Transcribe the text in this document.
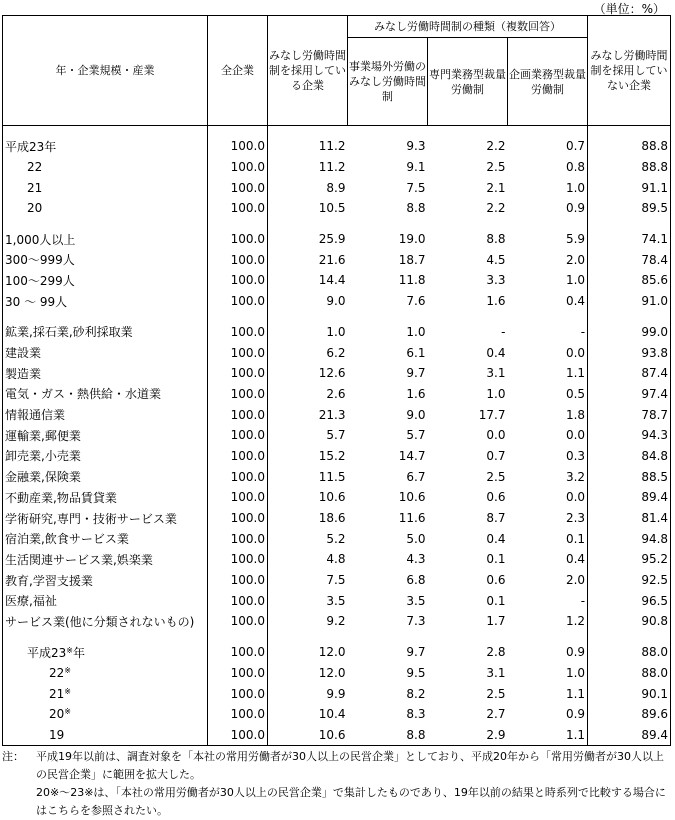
（単位：%）
年・企業規模・産業	全企業	みなし労働時間制を採用している企業	みなし労働時間制の種類（複数回答）			みなし労働時間制を採用していない企業
			事業場外労働のみなし労働時間制	専門業務型裁量労働制	企画業務型裁量労働制	

平成23年	100.0	11.2	9.3	2.2	0.7	88.8
22	100.0	11.2	9.1	2.5	0.8	88.8
21	100.0	8.9	7.5	2.1	1.0	91.1
20	100.0	10.5	8.8	2.2	0.9	89.5

1,000人以上	100.0	25.9	19.0	8.8	5.9	74.1
300～999人	100.0	21.6	18.7	4.5	2.0	78.4
100～299人	100.0	14.4	11.8	3.3	1.0	85.6
30 ～ 99人	100.0	9.0	7.6	1.6	0.4	91.0

鉱業,採石業,砂利採取業	100.0	1.0	1.0	-	-	99.0
建設業	100.0	6.2	6.1	0.4	0.0	93.8
製造業	100.0	12.6	9.7	3.1	1.1	87.4
電気・ガス・熱供給・水道業	100.0	2.6	1.6	1.0	0.5	97.4
情報通信業	100.0	21.3	9.0	17.7	1.8	78.7
運輸業,郵便業	100.0	5.7	5.7	0.0	0.0	94.3
卸売業,小売業	100.0	15.2	14.7	0.7	0.3	84.8
金融業,保険業	100.0	11.5	6.7	2.5	3.2	88.5
不動産業,物品賃貸業	100.0	10.6	10.6	0.6	0.0	89.4
学術研究,専門・技術サービス業	100.0	18.6	11.6	8.7	2.3	81.4
宿泊業,飲食サービス業	100.0	5.2	5.0	0.4	0.1	94.8
生活関連サービス業,娯楽業	100.0	4.8	4.3	0.1	0.4	95.2
教育,学習支援業	100.0	7.5	6.8	0.6	2.0	92.5
医療,福祉	100.0	3.5	3.5	0.1	-	96.5
サービス業(他に分類されないもの)	100.0	9.2	7.3	1.7	1.2	90.8

平成23※年	100.0	12.0	9.7	2.8	0.9	88.0
22※	100.0	12.0	9.5	3.1	1.0	88.0
21※	100.0	9.9	8.2	2.5	1.1	90.1
20※	100.0	10.4	8.3	2.7	0.9	89.6
19	100.0	10.6	8.8	2.9	1.1	89.4
注：	平成19年以前は、調査対象を「本社の常用労働者が30人以上の民営企業」としており、平成20年から「常用労働者が30人以上の民営企業」に範囲を拡大した。
20※～23※は、「本社の常用労働者が30人以上の民営企業」で集計したものであり、19年以前の結果と時系列で比較する場合にはこちらを参照されたい。
